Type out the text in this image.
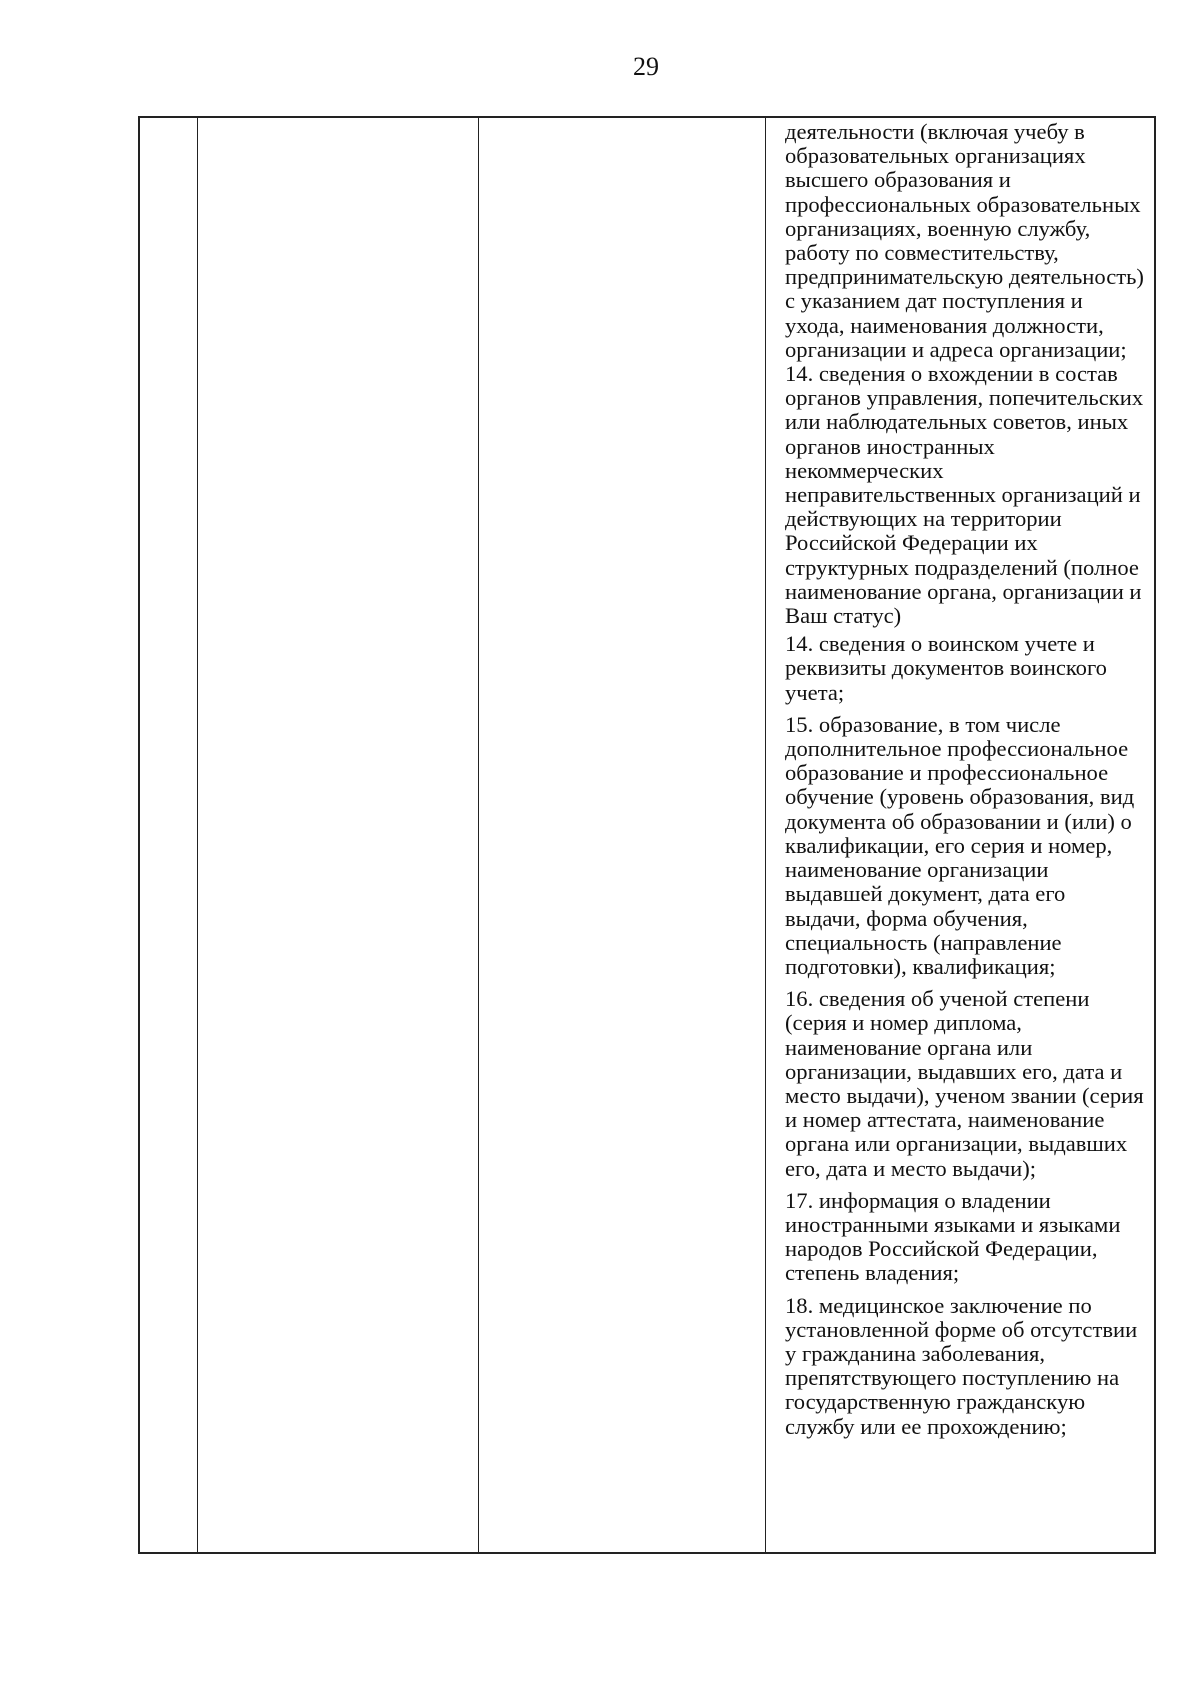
29

деятельности (включая учебу в образовательных организациях высшего образования и профессиональных образовательных организациях, военную службу, работу по совместительству, предпринимательскую деятельность) с указанием дат поступления и ухода, наименования должности, организации и адреса организации; 14. сведения о вхождении в состав органов управления, попечительских или наблюдательных советов, иных органов иностранных некоммерческих неправительственных организаций и действующих на территории Российской Федерации их структурных подразделений (полное наименование органа, организации и Ваш статус)

14. сведения о воинском учете и реквизиты документов воинского учета;

15. образование, в том числе дополнительное профессиональное образование и профессиональное обучение (уровень образования, вид документа об образовании и (или) о квалификации, его серия и номер, наименование организации выдавшей документ, дата его выдачи, форма обучения, специальность (направление подготовки), квалификация;

16. сведения об ученой степени (серия и номер диплома, наименование органа или организации, выдавших его, дата и место выдачи), ученом звании (серия и номер аттестата, наименование органа или организации, выдавших его, дата и место выдачи);

17. информация о владении иностранными языками и языками народов Российской Федерации, степень владения;

18. медицинское заключение по установленной форме об отсутствии у гражданина заболевания, препятствующего поступлению на государственную гражданскую службу или ее прохождению;
